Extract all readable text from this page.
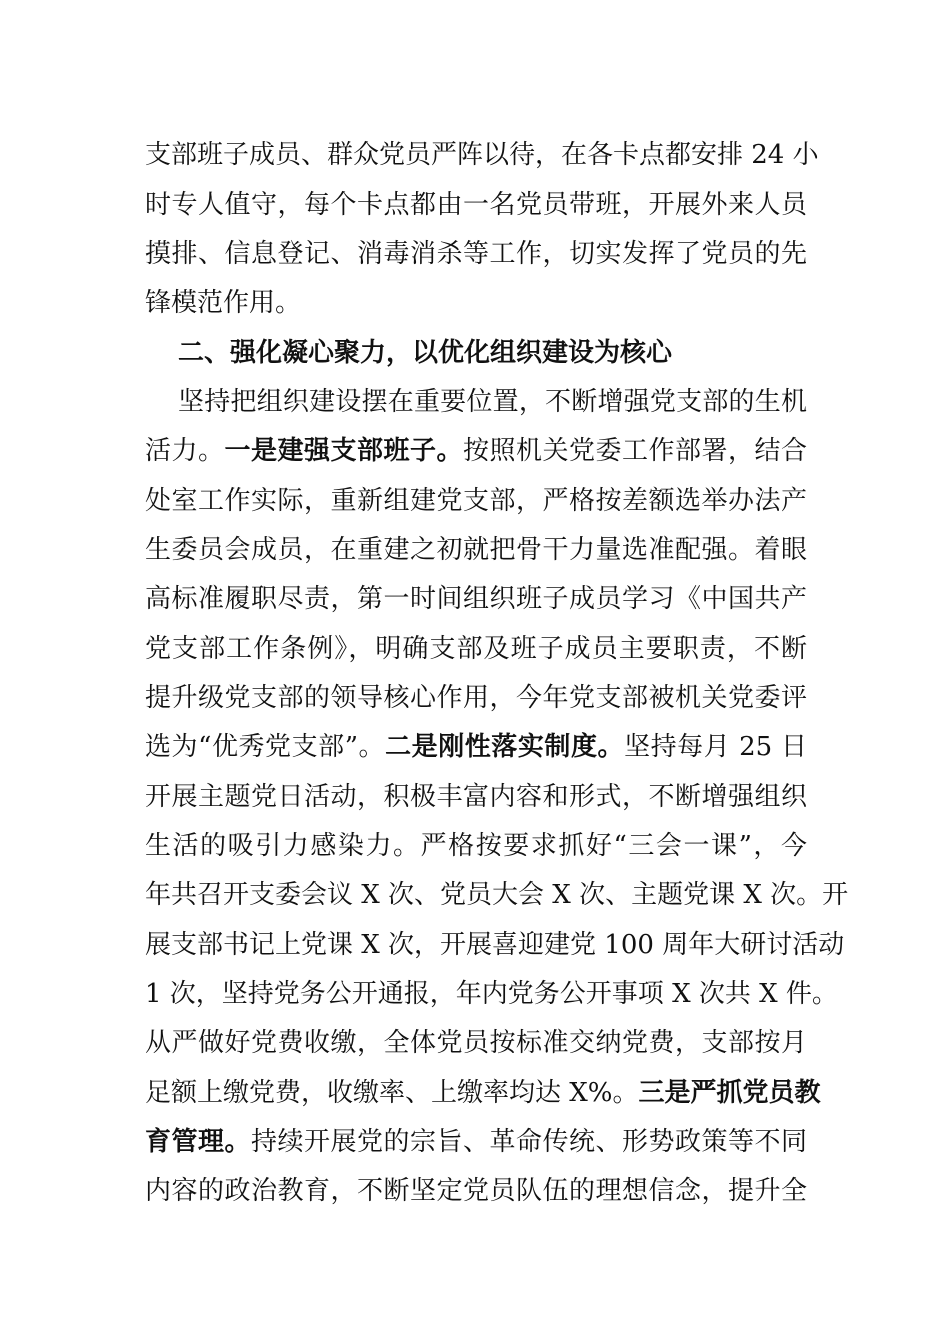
支部班子成员、群众党员严阵以待，在各卡点都安排 24 小
时专人值守，每个卡点都由一名党员带班，开展外来人员
摸排、信息登记、消毒消杀等工作，切实发挥了党员的先
锋模范作用。
二、强化凝心聚力，以优化组织建设为核心
坚持把组织建设摆在重要位置，不断增强党支部的生机
活力。一是建强支部班子。按照机关党委工作部署，结合
处室工作实际，重新组建党支部，严格按差额选举办法产
生委员会成员，在重建之初就把骨干力量选准配强。着眼
高标准履职尽责，第一时间组织班子成员学习《中国共产
党支部工作条例》，明确支部及班子成员主要职责，不断
提升级党支部的领导核心作用，今年党支部被机关党委评
选为“优秀党支部”。二是刚性落实制度。坚持每月 25 日
开展主题党日活动，积极丰富内容和形式，不断增强组织
生活的吸引力感染力。严格按要求抓好“三会一课”，今
年共召开支委会议 X 次、党员大会 X 次、主题党课 X 次。开
展支部书记上党课 X 次，开展喜迎建党 100 周年大研讨活动
1 次，坚持党务公开通报，年内党务公开事项 X 次共 X 件。
从严做好党费收缴，全体党员按标准交纳党费，支部按月
足额上缴党费，收缴率、上缴率均达 X%。三是严抓党员教
育管理。持续开展党的宗旨、革命传统、形势政策等不同
内容的政治教育，不断坚定党员队伍的理想信念，提升全
